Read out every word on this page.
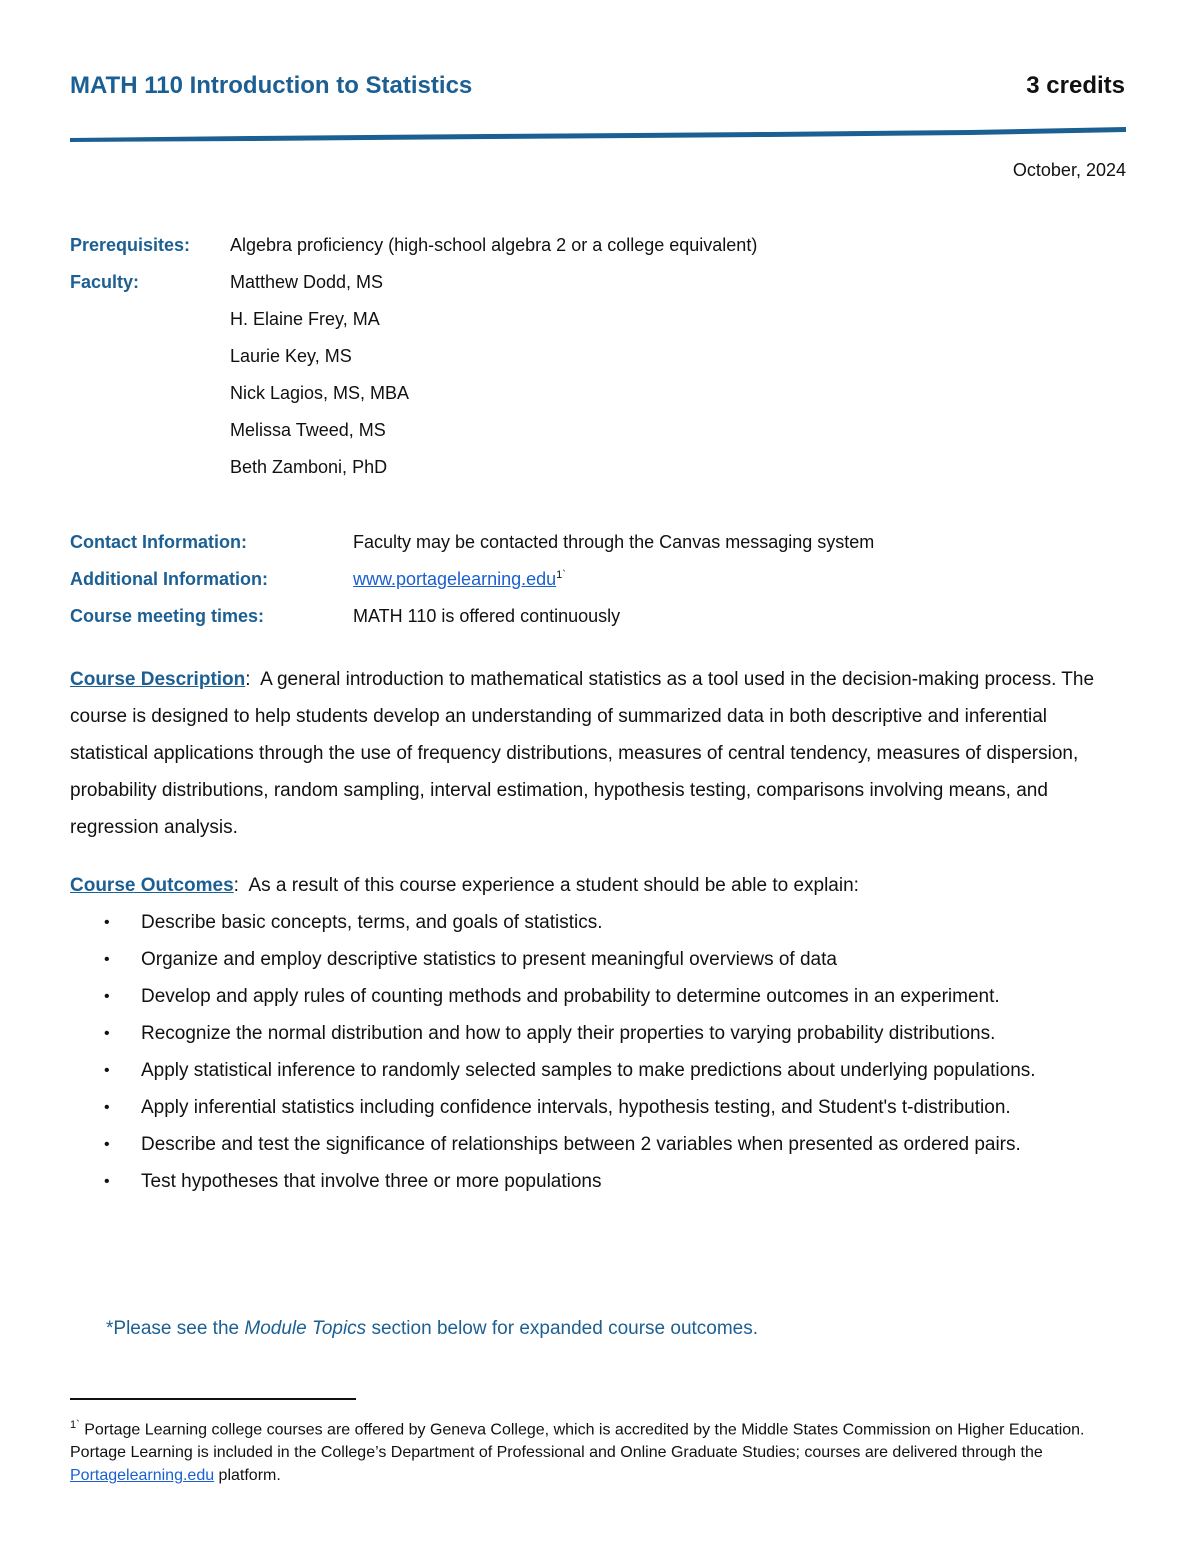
MATH 110 Introduction to Statistics	3 credits
October, 2024
Prerequisites: Algebra proficiency (high-school algebra 2 or a college equivalent)
Faculty:	Matthew Dodd, MS
H. Elaine Frey, MA
Laurie Key, MS
Nick Lagios, MS, MBA
Melissa Tweed, MS
Beth Zamboni, PhD
Contact Information:	Faculty may be contacted through the Canvas messaging system
Additional Information:	www.portagelearning.edu$^{1`}$
Course meeting times:	MATH 110 is offered continuously
Course Description: A general introduction to mathematical statistics as a tool used in the decision-making process. The course is designed to help students develop an understanding of summarized data in both descriptive and inferential statistical applications through the use of frequency distributions, measures of central tendency, measures of dispersion, probability distributions, random sampling, interval estimation, hypothesis testing, comparisons involving means, and regression analysis.
Course Outcomes: As a result of this course experience a student should be able to explain:
• Describe basic concepts, terms, and goals of statistics.
• Organize and employ descriptive statistics to present meaningful overviews of data
• Develop and apply rules of counting methods and probability to determine outcomes in an experiment.
• Recognize the normal distribution and how to apply their properties to varying probability distributions.
• Apply statistical inference to randomly selected samples to make predictions about underlying populations.
• Apply inferential statistics including confidence intervals, hypothesis testing, and Student's t-distribution.
• Describe and test the significance of relationships between 2 variables when presented as ordered pairs.
• Test hypotheses that involve three or more populations
*Please see the Module Topics section below for expanded course outcomes.
$^{1`}$ Portage Learning college courses are offered by Geneva College, which is accredited by the Middle States Commission on Higher Education. Portage Learning is included in the College’s Department of Professional and Online Graduate Studies; courses are delivered through the Portagelearning.edu platform.
